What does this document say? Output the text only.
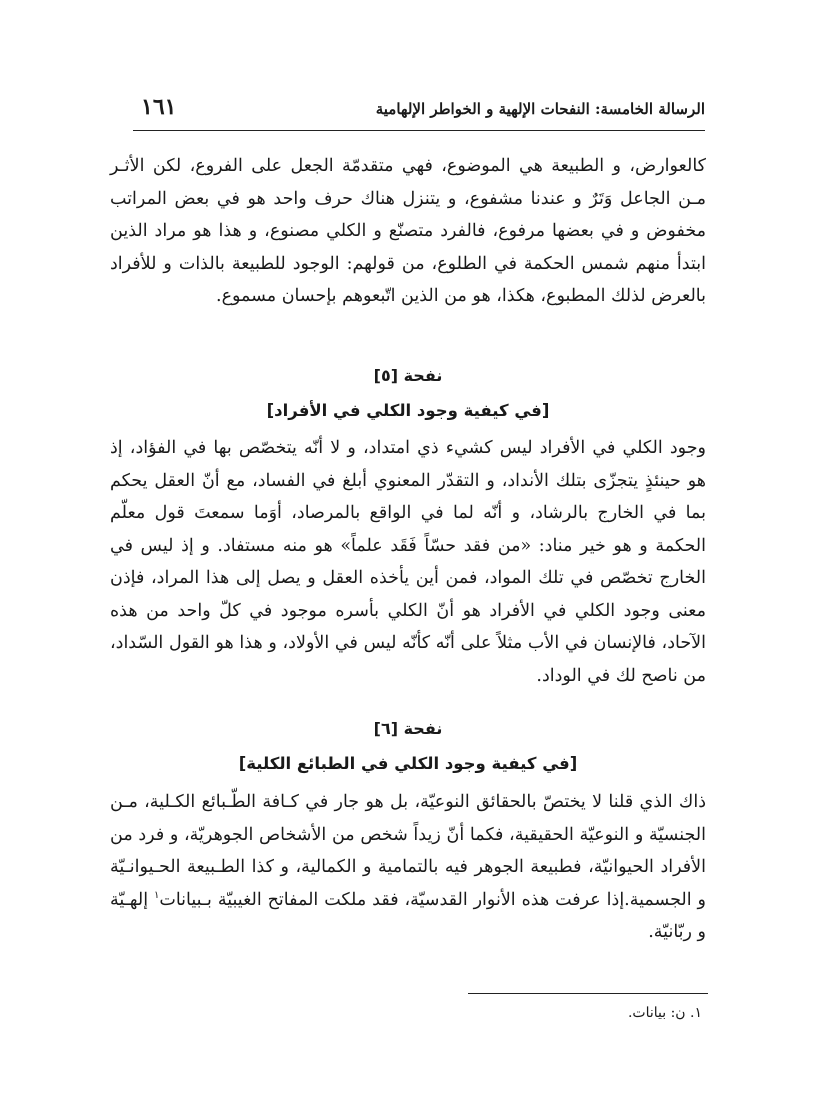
الرسالة الخامسة: النفحات الإلهية و الخواطر الإلهامية
١٦١
كالعوارض، و الطبيعة هي الموضوع، فهي متقدمّة الجعل على الفروع، لكن الأثـر مـن الجاعل وَتَرٌ و عندنا مشفوع، و يتنزل هناك حرف واحد هو في بعض المراتب مخفوض و في بعضها مرفوع، فالفرد متصنّع و الكلي مصنوع، و هذا هو مراد الذين ابتدأ منهم شمس الحكمة في الطلوع، من قولهم: الوجود للطبيعة بالذات و للأفراد بالعرض لذلك المطبوع، هكذا، هو من الذين اتّبعوهم بإحسان مسموع.
نفحة [٥]
[في كيفية وجود الكلي في الأفراد]
وجود الكلي في الأفراد ليس كشيء ذي امتداد، و لا أنّه يتخصّص بها في الفؤاد، إذ هو حينئذٍ يتجزّى بتلك الأنداد، و التقدّر المعنوي أبلغ في الفساد، مع أنّ العقل يحكم بما في الخارج بالرشاد، و أنّه لما في الواقع بالمرصاد، أوَما سمعتَ قول معلّم الحكمة و هو خير مناد: «من فقد حسّاً فَقَد علماً» هو منه مستفاد. و إذ ليس في الخارج تخصّص في تلك المواد، فمن أين يأخذه العقل و يصل إلى هذا المراد، فإذن معنى وجود الكلي في الأفراد هو أنّ الكلي بأسره موجود في كلّ واحد من هذه الآحاد، فالإنسان في الأب مثلاً على أنّه كأنّه ليس في الأولاد، و هذا هو القول السّداد، من ناصح لك في الوداد.
نفحة [٦]
[في كيفية وجود الكلي في الطبائع الكلية]
ذاك الذي قلنا لا يختصّ بالحقائق النوعيّة، بل هو جار في كـافة الطّـبائع الكـلية، مـن الجنسيّة و النوعيّة الحقيقية، فكما أنّ زيداً شخص من الأشخاص الجوهريّة، و فرد من الأفراد الحيوانيّة، فطبيعة الجوهر فيه بالتمامية و الكمالية، و كذا الطـبيعة الحـيوانـيّة و الجسمية.إذا عرفت هذه الأنوار القدسيّة، فقد ملكت المفاتح الغيبيّة بـبيانات$^١$ إلهـيّة و ربّانيّة.
١. ن: بيانات.
